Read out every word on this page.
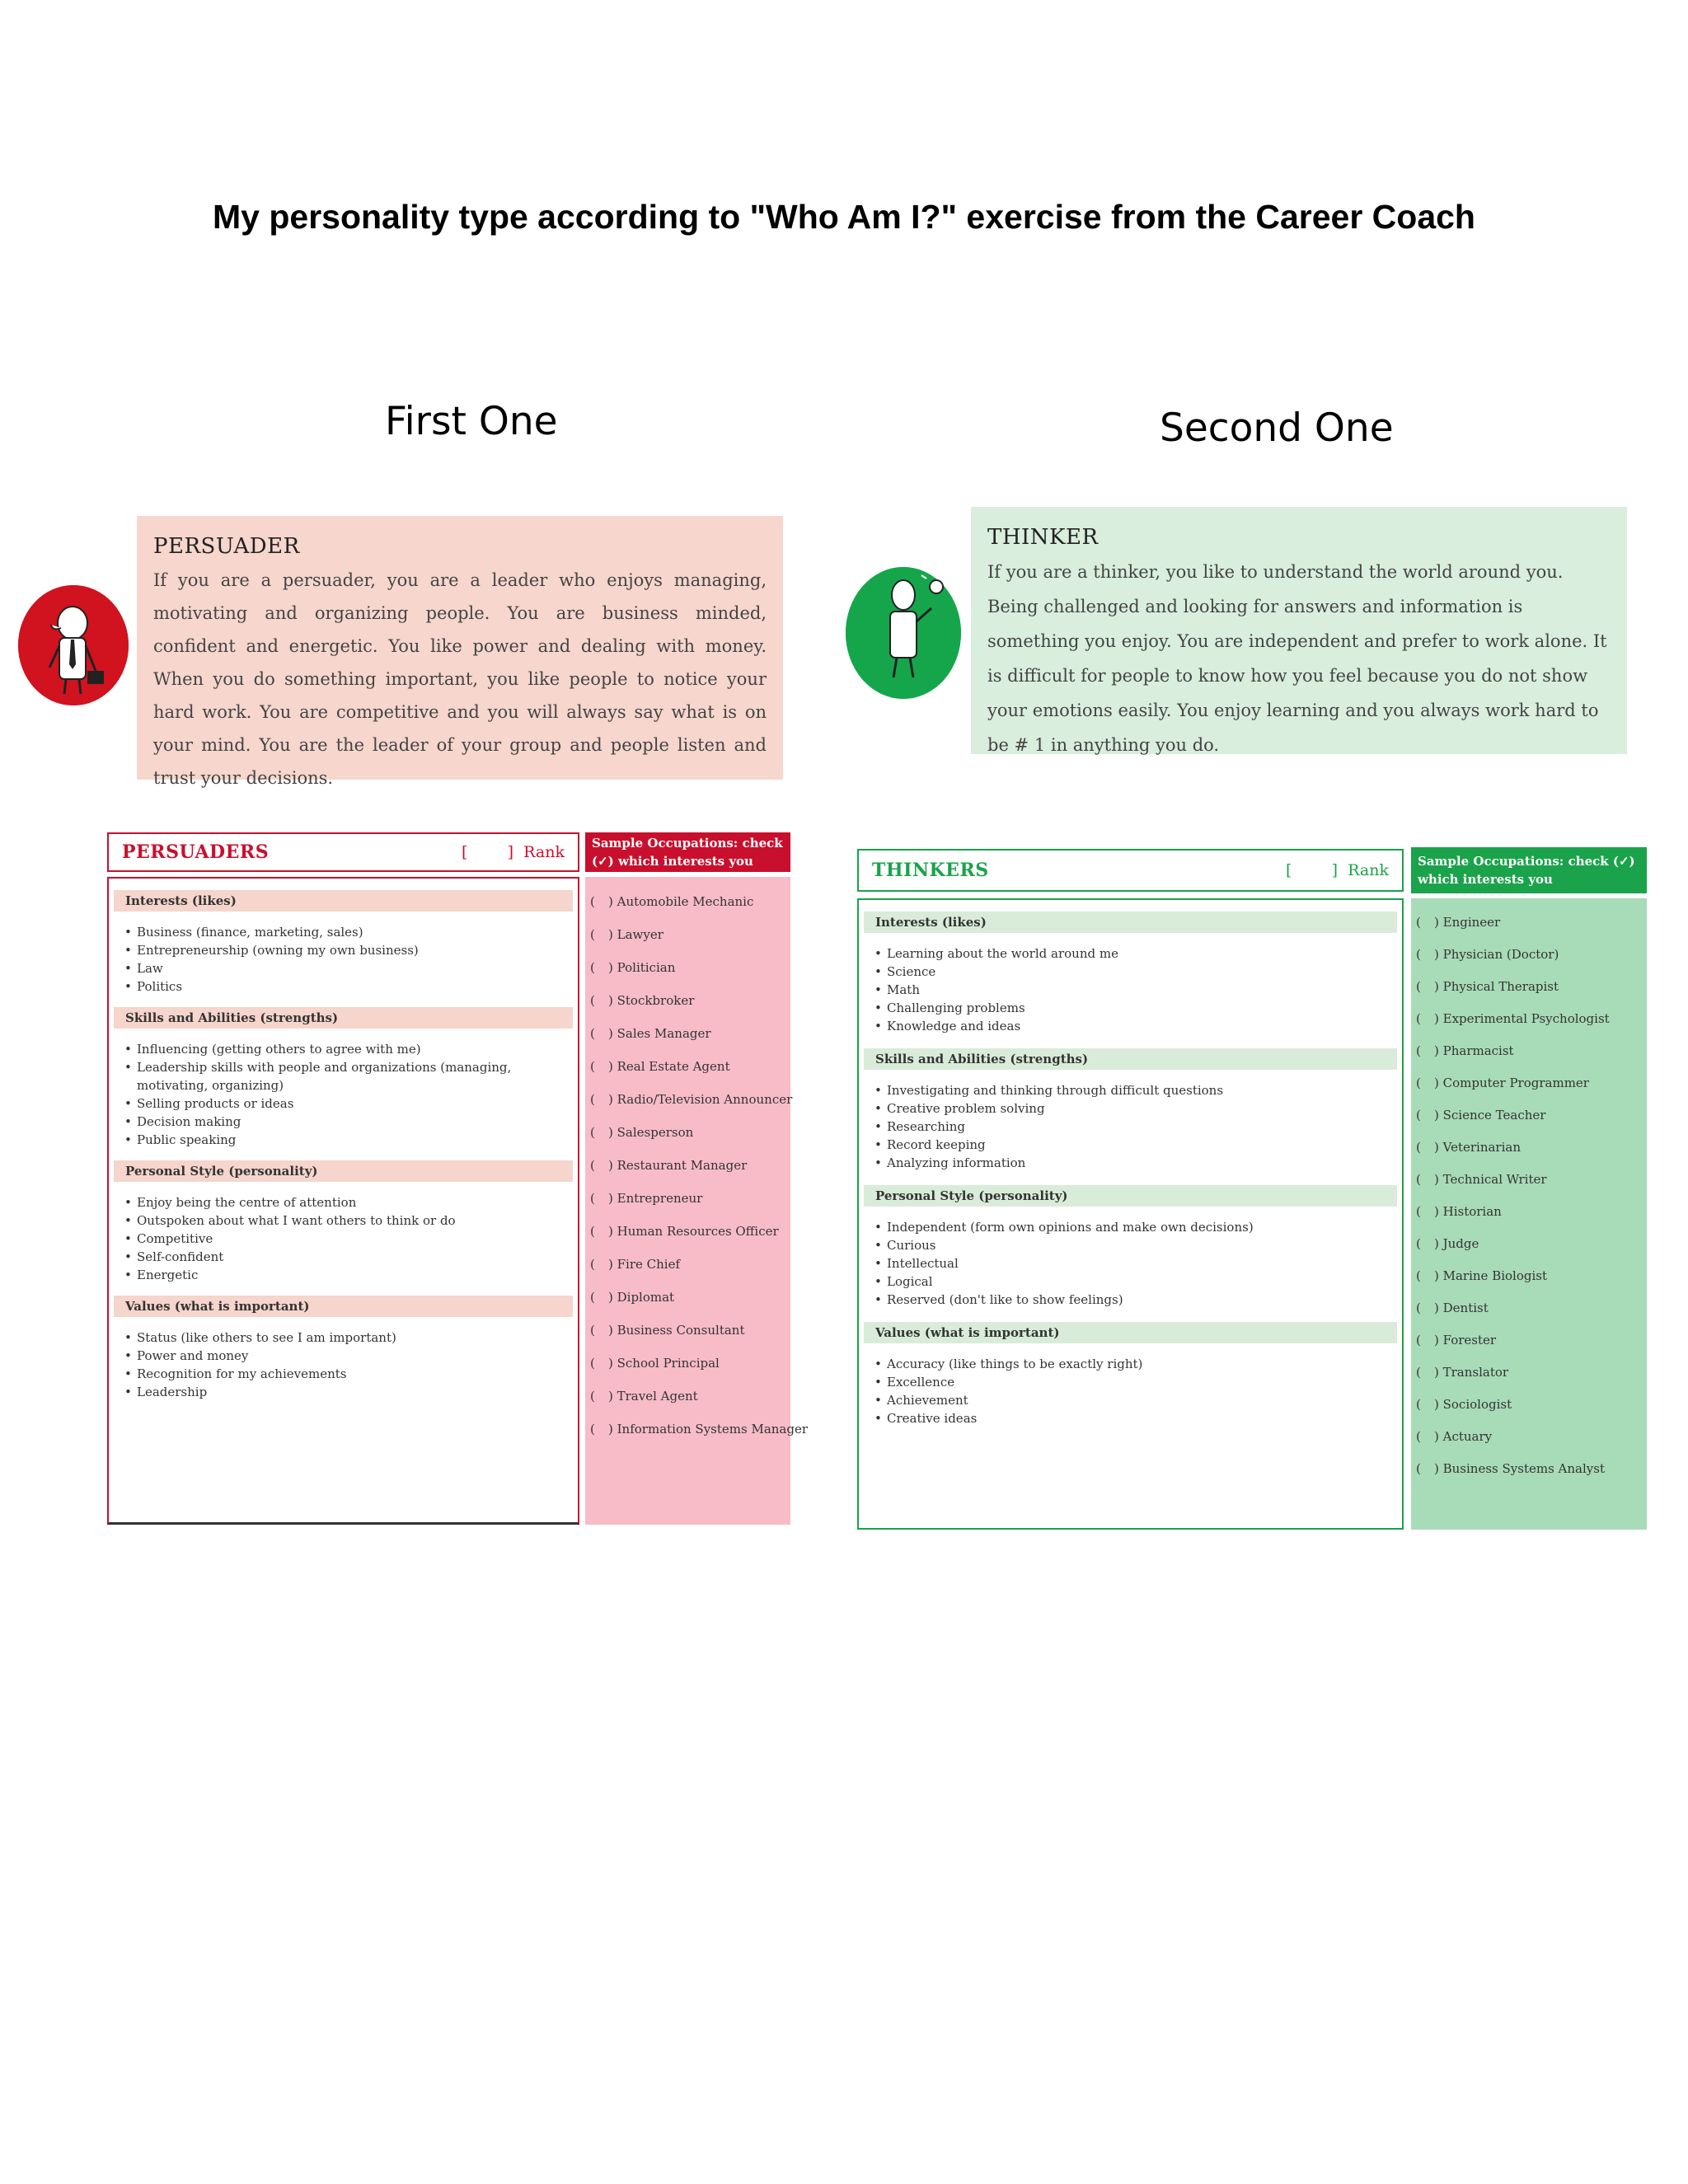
My personality type according to "Who Am I?" exercise from the Career Coach
First One	Second One
PERSUADER

If you are a persuader, you are a leader who enjoys managing, motivating and organizing people. You are business minded, confident and energetic. You like power and dealing with money. When you do something important, you like people to notice your hard work. You are competitive and you will always say what is on your mind. You are the leader of your group and people listen and trust your decisions.

THINKER

If you are a thinker, you like to understand the world around you. Being challenged and looking for answers and information is something you enjoy. You are independent and prefer to work alone. It is difficult for people to know how you feel because you do not show your emotions easily. You enjoy learning and you always work hard to be # 1 in anything you do.

PERSUADERS	[        ]  Rank
Interests (likes)
• Business (finance, marketing, sales)
• Entrepreneurship (owning my own business)
• Law
• Politics
Skills and Abilities (strengths)
• Influencing (getting others to agree with me)
• Leadership skills with people and organizations (managing, motivating, organizing)
• Selling products or ideas
• Decision making
• Public speaking
Personal Style (personality)
• Enjoy being the centre of attention
• Outspoken about what I want others to think or do
• Competitive
• Self-confident
• Energetic
Values (what is important)
• Status (like others to see I am important)
• Power and money
• Recognition for my achievements
• Leadership
Sample Occupations: check (✓) which interests you
( ) Automobile Mechanic
( ) Lawyer
( ) Politician
( ) Stockbroker
( ) Sales Manager
( ) Real Estate Agent
( ) Radio/Television Announcer
( ) Salesperson
( ) Restaurant Manager
( ) Entrepreneur
( ) Human Resources Officer
( ) Fire Chief
( ) Diplomat
( ) Business Consultant
( ) School Principal
( ) Travel Agent
( ) Information Systems Manager
THINKERS	[        ]  Rank
Interests (likes)
• Learning about the world around me
• Science
• Math
• Challenging problems
• Knowledge and ideas
Skills and Abilities (strengths)
• Investigating and thinking through difficult questions
• Creative problem solving
• Researching
• Record keeping
• Analyzing information
Personal Style (personality)
• Independent (form own opinions and make own decisions)
• Curious
• Intellectual
• Logical
• Reserved (don't like to show feelings)
Values (what is important)
• Accuracy (like things to be exactly right)
• Excellence
• Achievement
• Creative ideas
Sample Occupations: check (✓) which interests you
( ) Engineer
( ) Physician (Doctor)
( ) Physical Therapist
( ) Experimental Psychologist
( ) Pharmacist
( ) Computer Programmer
( ) Science Teacher
( ) Veterinarian
( ) Technical Writer
( ) Historian
( ) Judge
( ) Marine Biologist
( ) Dentist
( ) Forester
( ) Translator
( ) Sociologist
( ) Actuary
( ) Business Systems Analyst
